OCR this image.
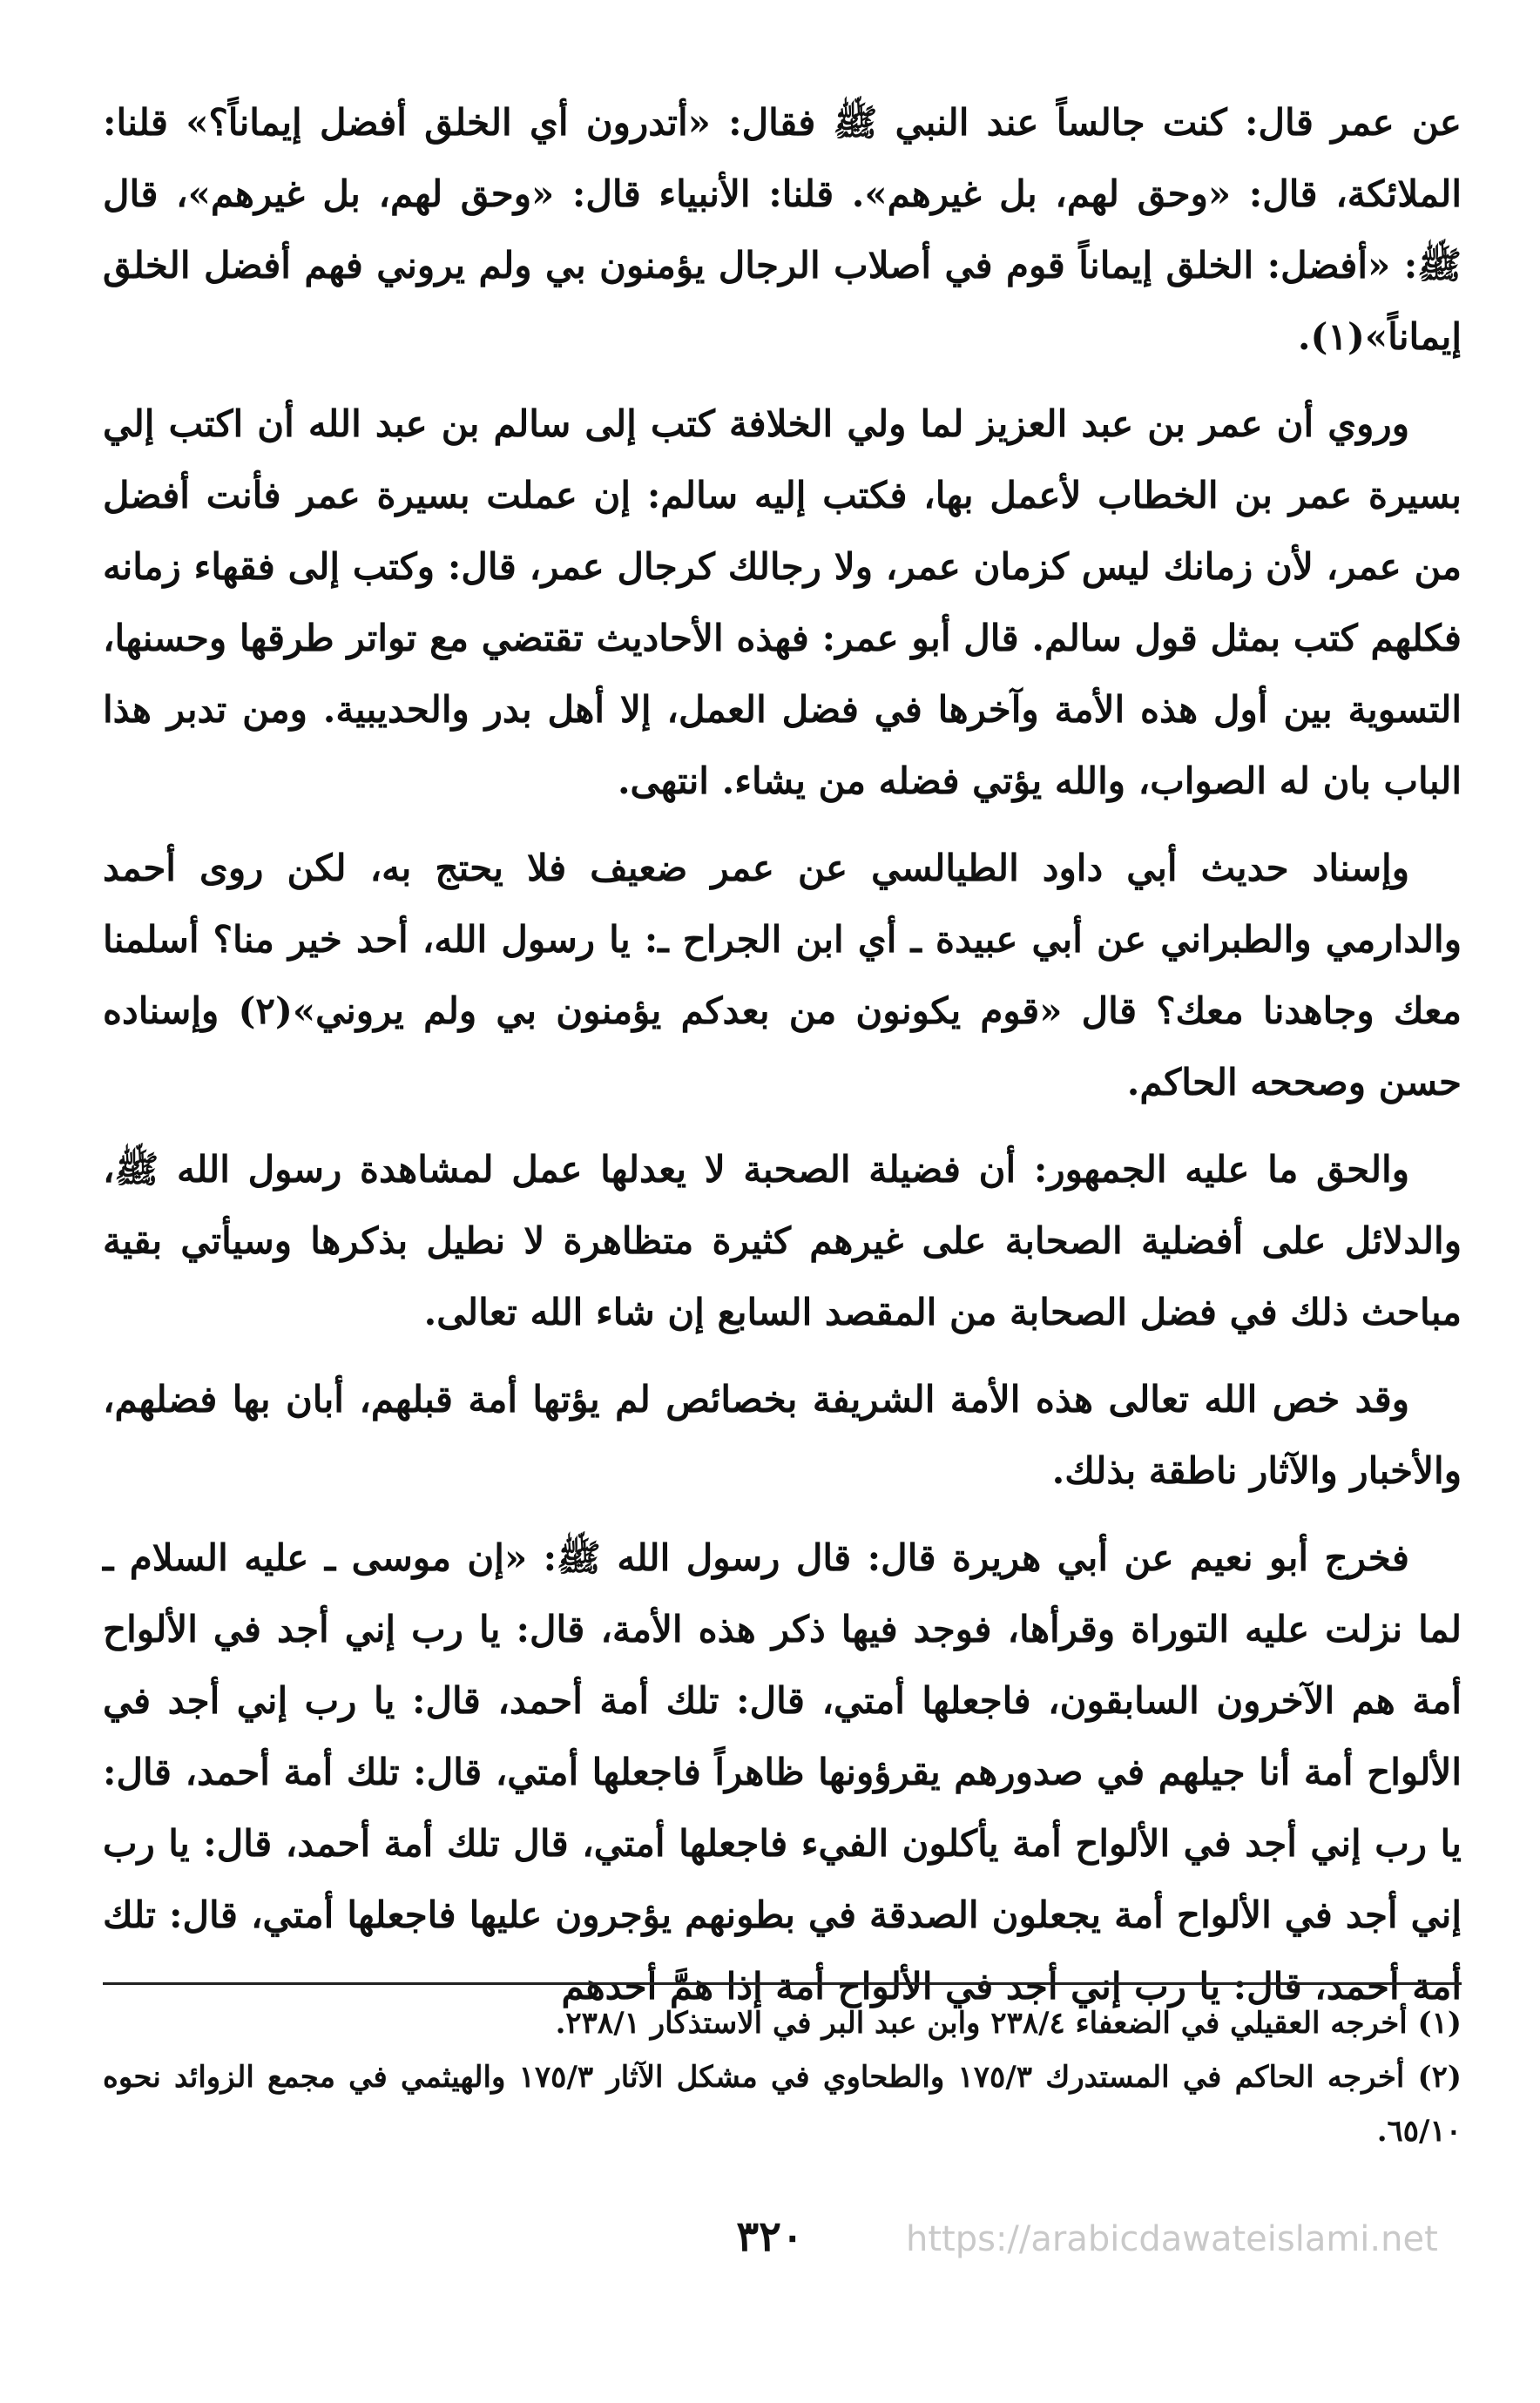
عن عمر قال: كنت جالساً عند النبي ﷺ فقال: «أتدرون أي الخلق أفضل إيماناً؟» قلنا: الملائكة، قال: «وحق لهم، بل غيرهم». قلنا: الأنبياء قال: «وحق لهم، بل غيرهم»، قال ﷺ: «أفضل: الخلق إيماناً قوم في أصلاب الرجال يؤمنون بي ولم يروني فهم أفضل الخلق إيماناً»(١).

وروي أن عمر بن عبد العزيز لما ولي الخلافة كتب إلى سالم بن عبد الله أن اكتب إلي بسيرة عمر بن الخطاب لأعمل بها، فكتب إليه سالم: إن عملت بسيرة عمر فأنت أفضل من عمر، لأن زمانك ليس كزمان عمر، ولا رجالك كرجال عمر، قال: وكتب إلى فقهاء زمانه فكلهم كتب بمثل قول سالم. قال أبو عمر: فهذه الأحاديث تقتضي مع تواتر طرقها وحسنها، التسوية بين أول هذه الأمة وآخرها في فضل العمل، إلا أهل بدر والحديبية. ومن تدبر هذا الباب بان له الصواب، والله يؤتي فضله من يشاء. انتهى.

وإسناد حديث أبي داود الطيالسي عن عمر ضعيف فلا يحتج به، لكن روى أحمد والدارمي والطبراني عن أبي عبيدة ـ أي ابن الجراح ـ: يا رسول الله، أحد خير منا؟ أسلمنا معك وجاهدنا معك؟ قال «قوم يكونون من بعدكم يؤمنون بي ولم يروني»(٢) وإسناده حسن وصححه الحاكم.

والحق ما عليه الجمهور: أن فضيلة الصحبة لا يعدلها عمل لمشاهدة رسول الله ﷺ، والدلائل على أفضلية الصحابة على غيرهم كثيرة متظاهرة لا نطيل بذكرها وسيأتي بقية مباحث ذلك في فضل الصحابة من المقصد السابع إن شاء الله تعالى.

وقد خص الله تعالى هذه الأمة الشريفة بخصائص لم يؤتها أمة قبلهم، أبان بها فضلهم، والأخبار والآثار ناطقة بذلك.

فخرج أبو نعيم عن أبي هريرة قال: قال رسول الله ﷺ: «إن موسى ـ عليه السلام ـ لما نزلت عليه التوراة وقرأها، فوجد فيها ذكر هذه الأمة، قال: يا رب إني أجد في الألواح أمة هم الآخرون السابقون، فاجعلها أمتي، قال: تلك أمة أحمد، قال: يا رب إني أجد في الألواح أمة أنا جيلهم في صدورهم يقرؤونها ظاهراً فاجعلها أمتي، قال: تلك أمة أحمد، قال: يا رب إني أجد في الألواح أمة يأكلون الفيء فاجعلها أمتي، قال تلك أمة أحمد، قال: يا رب إني أجد في الألواح أمة يجعلون الصدقة في بطونهم يؤجرون عليها فاجعلها أمتي، قال: تلك أمة أحمد، قال: يا رب إني أجد في الألواح أمة إذا همَّ أحدهم

(١) أخرجه العقيلي في الضعفاء ٢٣٨/٤ وابن عبد البر في الاستذكار ٢٣٨/١.

(٢) أخرجه الحاكم في المستدرك ١٧٥/٣ والطحاوي في مشكل الآثار ١٧٥/٣ والهيثمي في مجمع الزوائد نحوه ٦٥/١٠.

٣٢٠	https://arabicdawateislami.net
